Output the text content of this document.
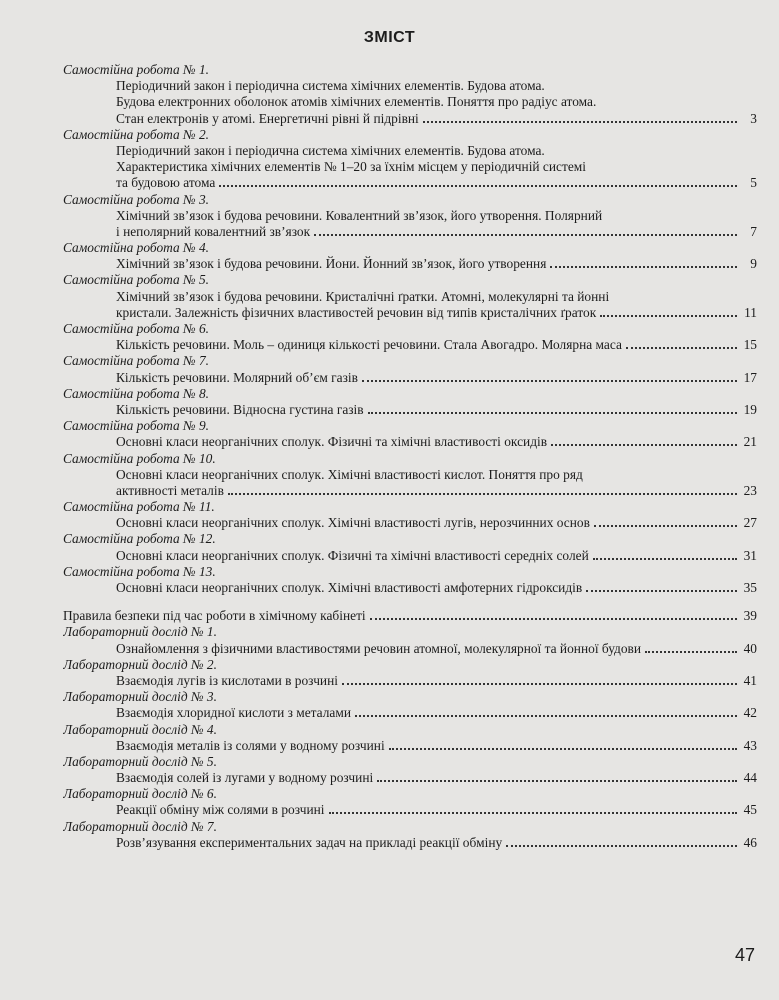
ЗМІСТ
Самостійна робота № 1.
Періодичний закон і періодична система хімічних елементів. Будова атома.
Будова електронних оболонок атомів хімічних елементів. Поняття про радіус атома.
Стан електронів у атомі. Енергетичні рівні й підрівні	3
Самостійна робота № 2.
Періодичний закон і періодична система хімічних елементів. Будова атома.
Характеристика хімічних елементів № 1–20 за їхнім місцем у періодичній системі
та будовою атома	5
Самостійна робота № 3.
Хімічний зв’язок і будова речовини. Ковалентний зв’язок, його утворення. Полярний
і неполярний ковалентний зв’язок	7
Самостійна робота № 4.
Хімічний зв’язок і будова речовини. Йони. Йонний зв’язок, його утворення	9
Самостійна робота № 5.
Хімічний зв’язок і будова речовини. Кристалічні ґратки. Атомні, молекулярні та йонні
кристали. Залежність фізичних властивостей речовин від типів кристалічних ґраток	11
Самостійна робота № 6.
Кількість речовини. Моль – одиниця кількості речовини. Стала Авогадро. Молярна маса	15
Самостійна робота № 7.
Кількість речовини. Молярний об’єм газів	17
Самостійна робота № 8.
Кількість речовини. Відносна густина газів	19
Самостійна робота № 9.
Основні класи неорганічних сполук. Фізичні та хімічні властивості оксидів	21
Самостійна робота № 10.
Основні класи неорганічних сполук. Хімічні властивості кислот. Поняття про ряд
активності металів	23
Самостійна робота № 11.
Основні класи неорганічних сполук. Хімічні властивості лугів, нерозчинних основ	27
Самостійна робота № 12.
Основні класи неорганічних сполук. Фізичні та хімічні властивості середніх солей	31
Самостійна робота № 13.
Основні класи неорганічних сполук. Хімічні властивості амфотерних гідроксидів	35
Правила безпеки під час роботи в хімічному кабінеті	39
Лабораторний дослід № 1.
Ознайомлення з фізичними властивостями речовин атомної, молекулярної та йонної будови	40
Лабораторний дослід № 2.
Взаємодія лугів із кислотами в розчині	41
Лабораторний дослід № 3.
Взаємодія хлоридної кислоти з металами	42
Лабораторний дослід № 4.
Взаємодія металів із солями у водному розчині	43
Лабораторний дослід № 5.
Взаємодія солей із лугами у водному розчині	44
Лабораторний дослід № 6.
Реакції обміну між солями в розчині	45
Лабораторний дослід № 7.
Розв’язування експериментальних задач на прикладі реакції обміну	46
47
